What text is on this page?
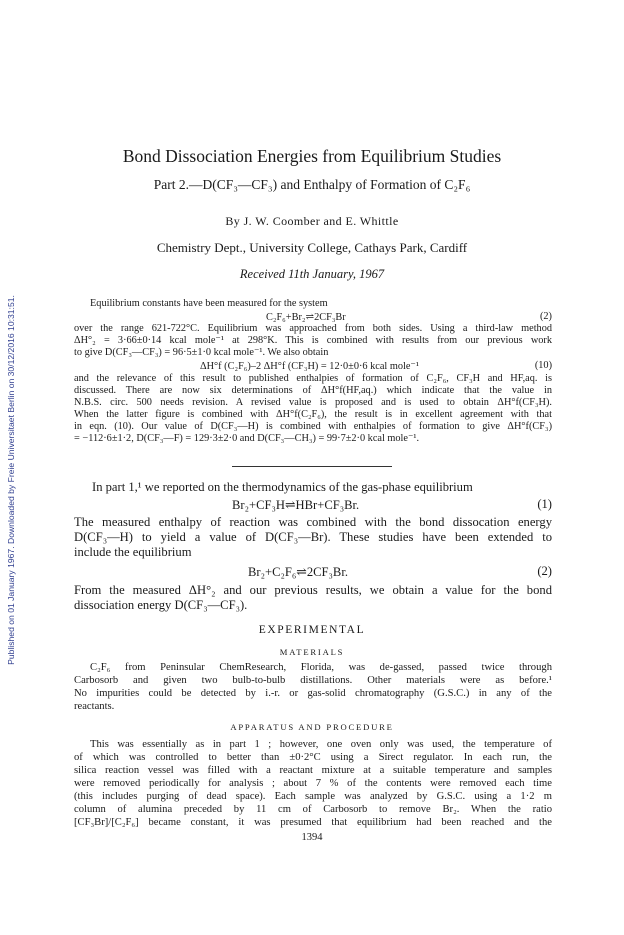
Published on 01 January 1967. Downloaded by Freie Universitaet Berlin on 30/12/2016 10:31:51.
Bond Dissociation Energies from Equilibrium Studies
Part 2.—D(CF₃—CF₃) and Enthalpy of Formation of C₂F₆
By J. W. Coomber and E. Whittle
Chemistry Dept., University College, Cathays Park, Cardiff
Received 11th January, 1967
Equilibrium constants have been measured for the system
C₂F₆+Br₂⇌2CF₃Br	(2)
over the range 621-722°C. Equilibrium was approached from both sides. Using a third-law method
ΔH°₂ = 3·66±0·14 kcal mole⁻¹ at 298°K. This is combined with results from our previous work
to give D(CF₃—CF₃) = 96·5±1·0 kcal mole⁻¹. We also obtain
ΔH°f (C₂F₆)–2 ΔH°f (CF₃H) = 12·0±0·6 kcal mole⁻¹	(10)
and the relevance of this result to published enthalpies of formation of C₂F₆, CF₃H and HF,aq. is
discussed. There are now six determinations of ΔH°f(HF,aq.) which indicate that the value in
N.B.S. circ. 500 needs revision. A revised value is proposed and is used to obtain ΔH°f(CF₃H).
When the latter figure is combined with ΔH°f(C₂F₆), the result is in excellent agreement with that
in eqn. (10). Our value of D(CF₃—H) is combined with enthalpies of formation to give ΔH°f(CF₃)
= −112·6±1·2, D(CF₃—F) = 129·3±2·0 and D(CF₃—CH₃) = 99·7±2·0 kcal mole⁻¹.
In part 1,¹ we reported on the thermodynamics of the gas-phase equilibrium
Br₂+CF₃H⇌HBr+CF₃Br.	(1)
The measured enthalpy of reaction was combined with the bond dissocation energy
D(CF₃—H) to yield a value of D(CF₃—Br). These studies have been extended to
include the equilibrium
Br₂+C₂F₆⇌2CF₃Br.	(2)
From the measured ΔH°₂ and our previous results, we obtain a value for the bond
dissociation energy D(CF₃—CF₃).
EXPERIMENTAL
MATERIALS
C₂F₆ from Peninsular ChemResearch, Florida, was de-gassed, passed twice through
Carbosorb and given two bulb-to-bulb distillations. Other materials were as before.¹
No impurities could be detected by i.-r. or gas-solid chromatography (G.S.C.) in any of the
reactants.
APPARATUS AND PROCEDURE
This was essentially as in part 1 ; however, one oven only was used, the temperature of
of which was controlled to better than ±0·2°C using a Sirect regulator. In each run, the
silica reaction vessel was filled with a reactant mixture at a suitable temperature and samples
were removed periodically for analysis ; about 7 % of the contents were removed each time
(this includes purging of dead space). Each sample was analyzed by G.S.C. using a 1·2 m
column of alumina preceded by 11 cm of Carbosorb to remove Br₂. When the ratio
[CF₃Br]/[C₂F₆] became constant, it was presumed that equilibrium had been reached and the
1394
